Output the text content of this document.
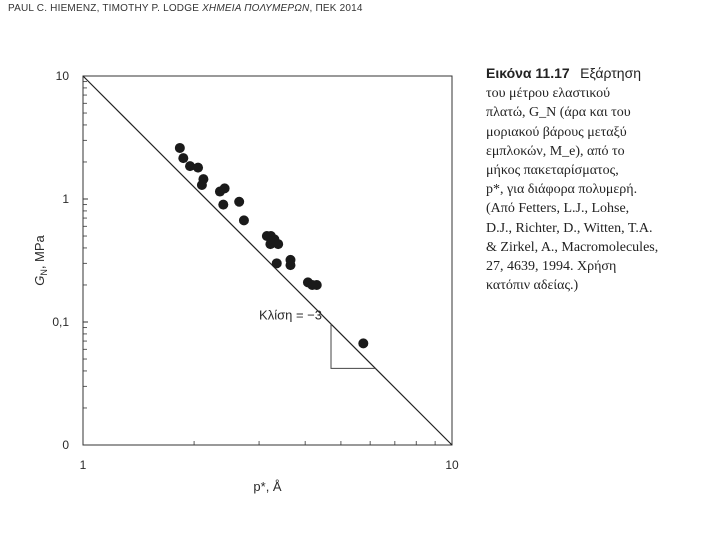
PAUL C. HIEMENZ, TIMOTHY P. LODGE ΧΗΜΕΙΑ ΠΟΛΥΜΕΡΩΝ, ΠΕΚ 2014
10
1
0,1
0
1	10
Κλίση = −3
$G_N$, MPa
p*, Å
Εικόνα 11.17 Εξάρτηση
του μέτρου ελαστικού
πλατώ, G_N (άρα και του
μοριακού βάρους μεταξύ
εμπλοκών, M_e), από το
μήκος πακεταρίσματος,
p*, για διάφορα πολυμερή.
(Από Fetters, L.J., Lohse,
D.J., Richter, D., Witten, T.A.
& Zirkel, A., Macromolecules,
27, 4639, 1994. Χρήση
κατόπιν αδείας.)
